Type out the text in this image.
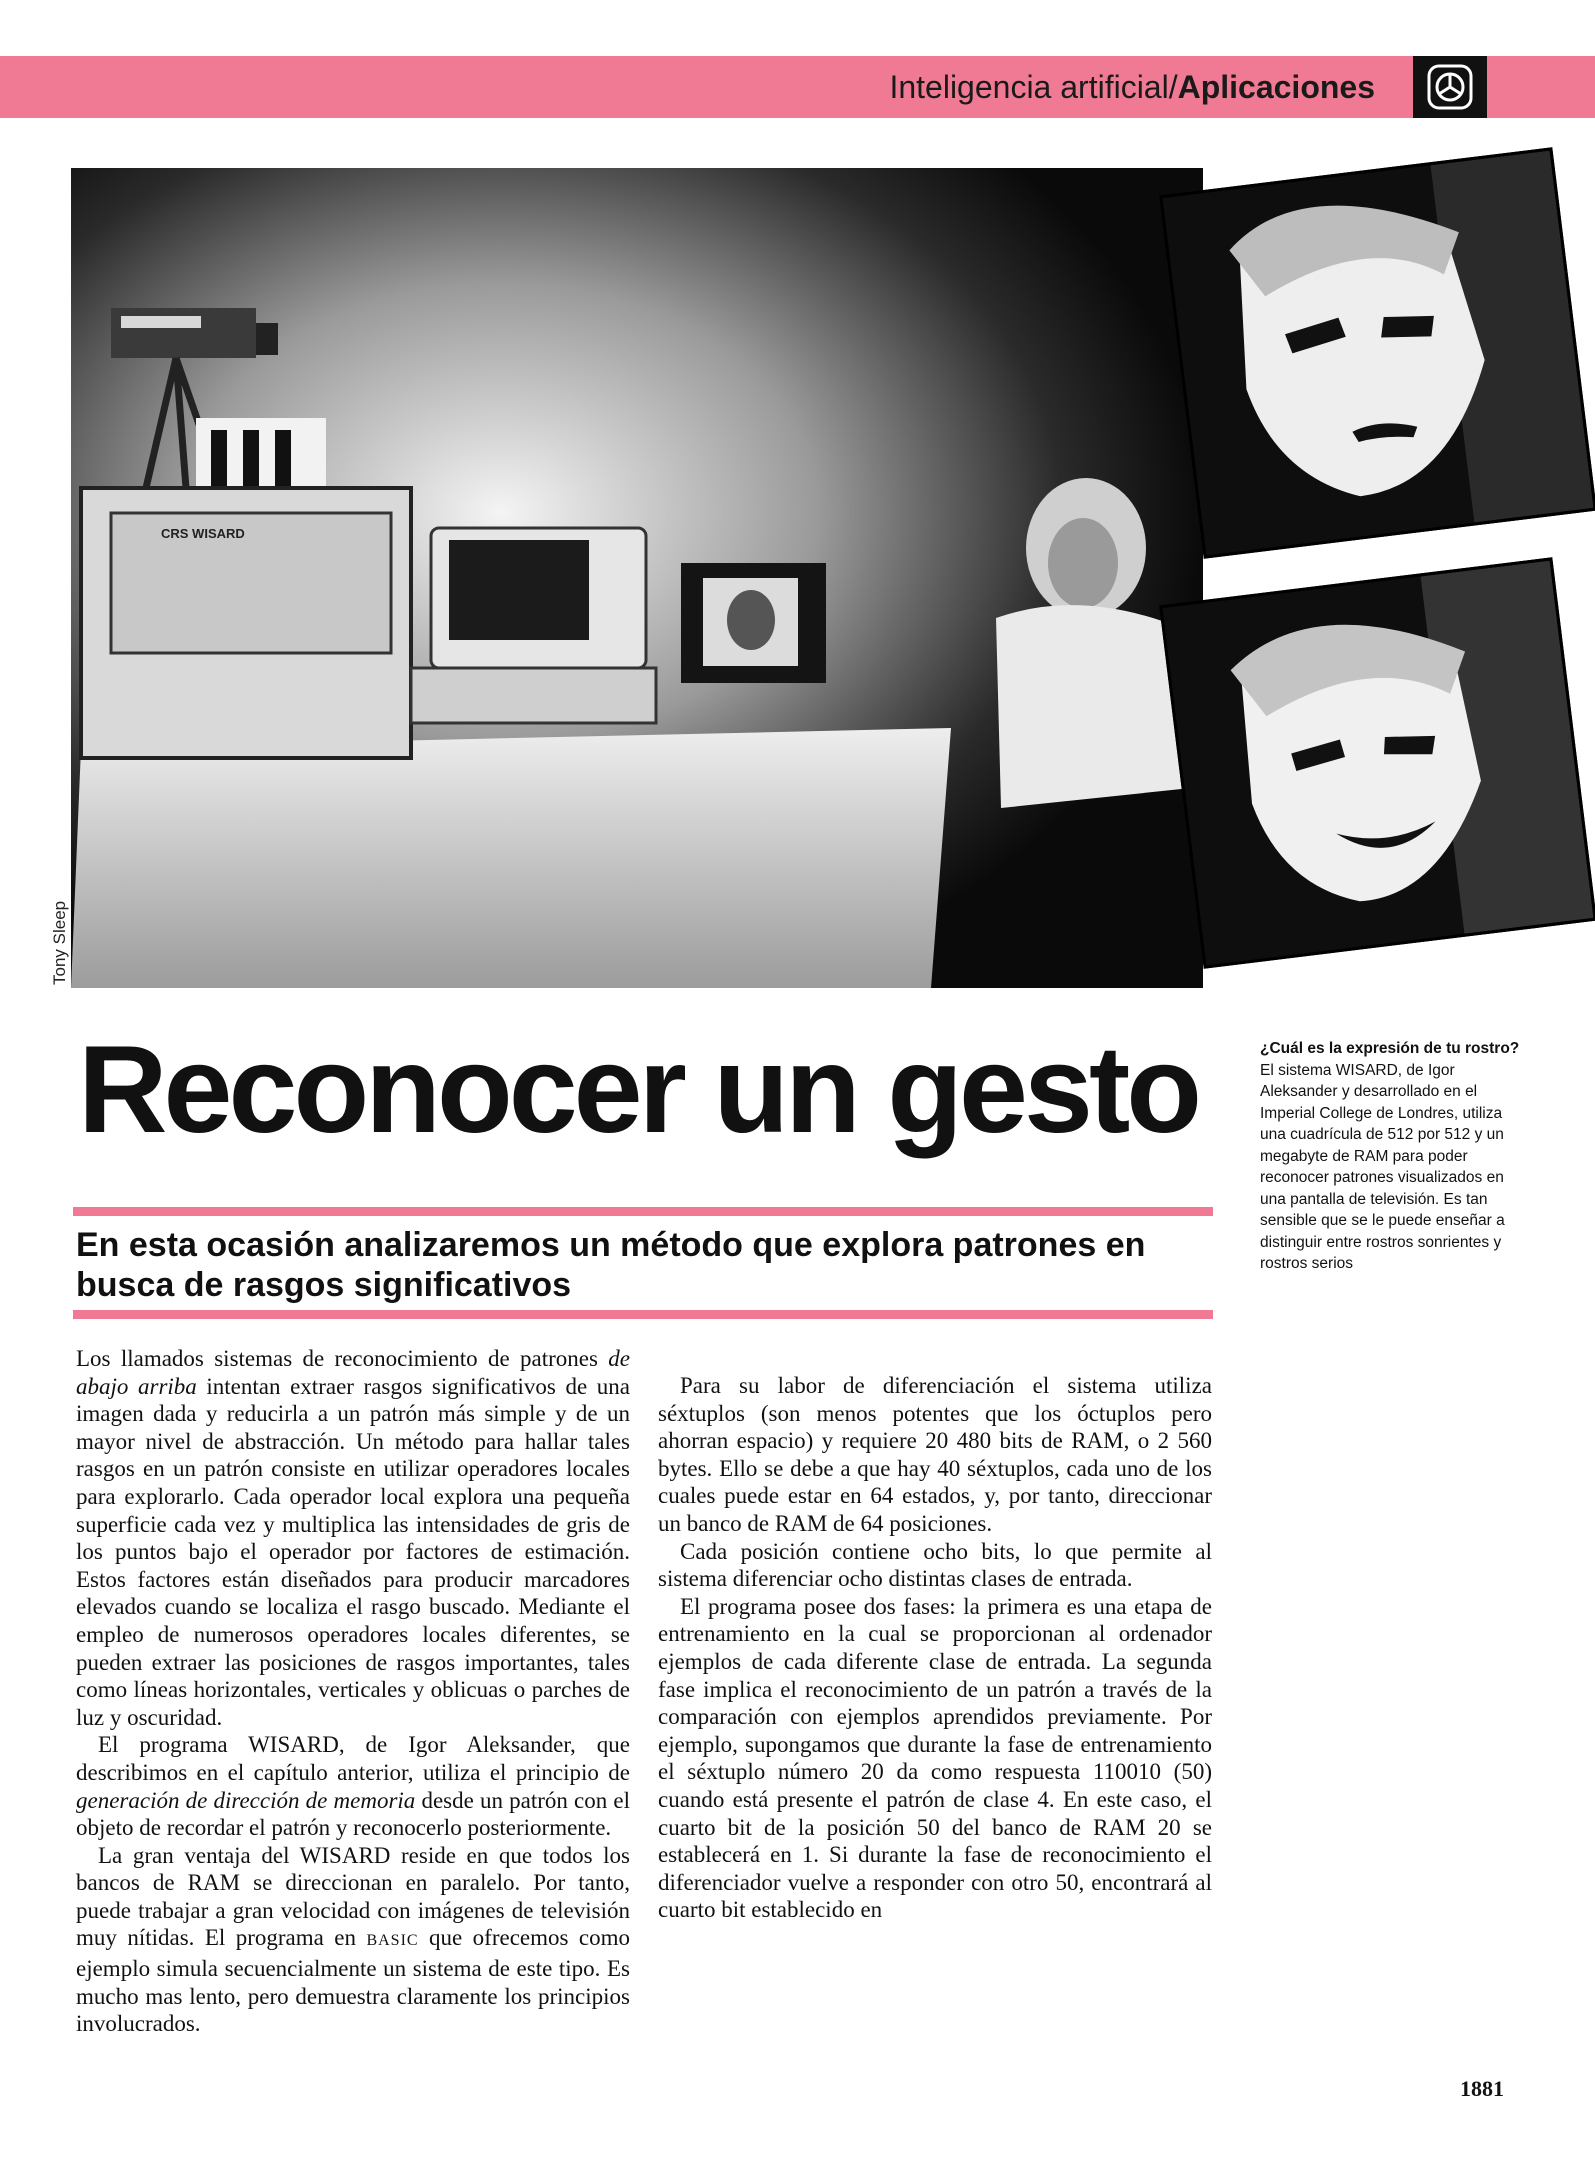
Inteligencia artificial/Aplicaciones
CRS WISARD
Tony Sleep
Reconocer un gesto
En esta ocasión analizaremos un método que explora patrones en busca de rasgos significativos
¿Cuál es la expresión de tu rostro?
El sistema WISARD, de Igor Aleksander y desarrollado en el Imperial College de Londres, utiliza una cuadrícula de 512 por 512 y un megabyte de RAM para poder reconocer patrones visualizados en una pantalla de televisión. Es tan sensible que se le puede enseñar a distinguir entre rostros sonrientes y rostros serios

Los llamados sistemas de reconocimiento de patrones de abajo arriba intentan extraer rasgos significativos de una imagen dada y reducirla a un patrón más simple y de un mayor nivel de abstracción. Un método para hallar tales rasgos en un patrón consiste en utilizar operadores locales para explorarlo. Cada operador local explora una pequeña superficie cada vez y multiplica las intensidades de gris de los puntos bajo el operador por factores de estimación. Estos factores están diseñados para producir marcadores elevados cuando se localiza el rasgo buscado. Mediante el empleo de numerosos operadores locales diferentes, se pueden extraer las posiciones de rasgos importantes, tales como líneas horizontales, verticales y oblicuas o parches de luz y oscuridad.

El programa WISARD, de Igor Aleksander, que describimos en el capítulo anterior, utiliza el principio de generación de dirección de memoria desde un patrón con el objeto de recordar el patrón y reconocerlo posteriormente.

La gran ventaja del WISARD reside en que todos los bancos de RAM se direccionan en paralelo. Por tanto, puede trabajar a gran velocidad con imágenes de televisión muy nítidas. El programa en BASIC que ofrecemos como ejemplo simula secuencialmente un sistema de este tipo. Es mucho mas lento, pero demuestra claramente los principios involucrados.

Para su labor de diferenciación el sistema utiliza séxtuplos (son menos potentes que los óctuplos pero ahorran espacio) y requiere 20 480 bits de RAM, o 2 560 bytes. Ello se debe a que hay 40 séxtuplos, cada uno de los cuales puede estar en 64 estados, y, por tanto, direccionar un banco de RAM de 64 posiciones.

Cada posición contiene ocho bits, lo que permite al sistema diferenciar ocho distintas clases de entrada.

El programa posee dos fases: la primera es una etapa de entrenamiento en la cual se proporcionan al ordenador ejemplos de cada diferente clase de entrada. La segunda fase implica el reconocimiento de un patrón a través de la comparación con ejemplos aprendidos previamente. Por ejemplo, supongamos que durante la fase de entrenamiento el séxtuplo número 20 da como respuesta 110010 (50) cuando está presente el patrón de clase 4. En este caso, el cuarto bit de la posición 50 del banco de RAM 20 se establecerá en 1. Si durante la fase de reconocimiento el diferenciador vuelve a responder con otro 50, encontrará al cuarto bit establecido en

1881
